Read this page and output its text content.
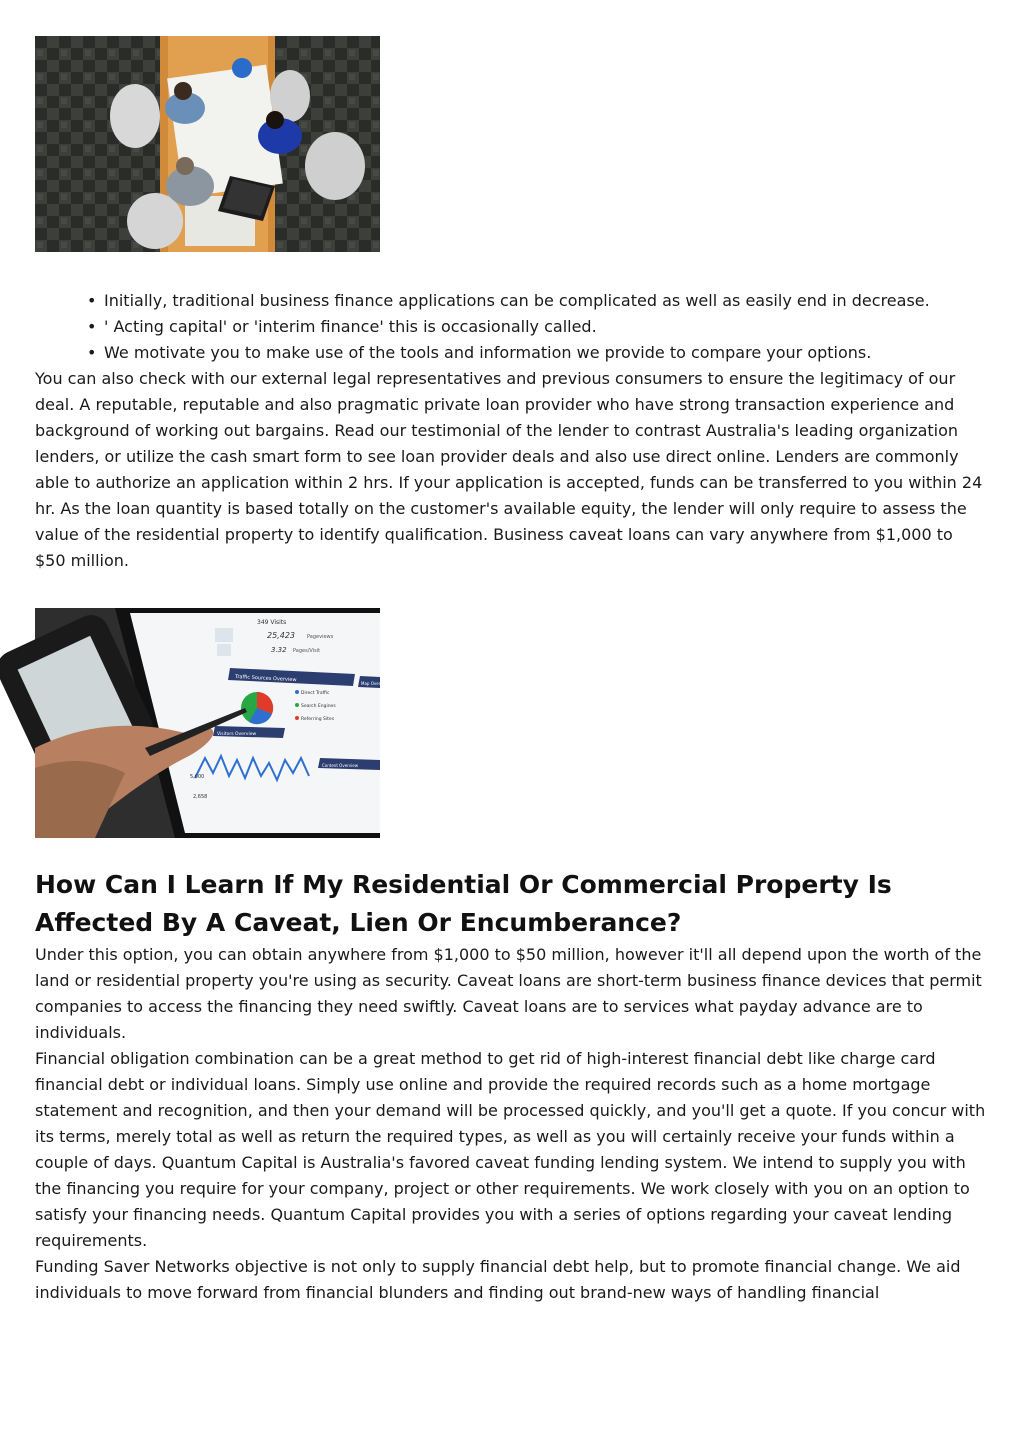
• Initially, traditional business finance applications can be complicated as well as easily end in decrease.
• ' Acting capital' or 'interim finance' this is occasionally called.
• We motivate you to make use of the tools and information we provide to compare your options.

You can also check with our external legal representatives and previous consumers to ensure the legitimacy of our deal. A reputable, reputable and also pragmatic private loan provider who have strong transaction experience and background of working out bargains. Read our testimonial of the lender to contrast Australia's leading organization lenders, or utilize the cash smart form to see loan provider deals and also use direct online. Lenders are commonly able to authorize an application within 2 hrs. If your application is accepted, funds can be transferred to you within 24 hr. As the loan quantity is based totally on the customer's available equity, the lender will only require to assess the value of the residential property to identify qualification. Business caveat loans can vary anywhere from $1,000 to $50 million.

349 Visits
25,423 Pageviews
3.32 Pages/Visit
Traffic Sources Overview
Map Overlay
Direct Traffic
Search Engines
Referring Sites
Visitors Overview
Content Overview
5,000
2,658
How Can I Learn If My Residential Or Commercial Property Is Affected By A Caveat, Lien Or Encumberance?

Under this option, you can obtain anywhere from $1,000 to $50 million, however it'll all depend upon the worth of the land or residential property you're using as security. Caveat loans are short-term business finance devices that permit companies to access the financing they need swiftly. Caveat loans are to services what payday advance are to individuals.

Financial obligation combination can be a great method to get rid of high-interest financial debt like charge card financial debt or individual loans. Simply use online and provide the required records such as a home mortgage statement and recognition, and then your demand will be processed quickly, and you'll get a quote. If you concur with its terms, merely total as well as return the required types, as well as you will certainly receive your funds within a couple of days. Quantum Capital is Australia's favored caveat funding lending system. We intend to supply you with the financing you require for your company, project or other requirements. We work closely with you on an option to satisfy your financing needs. Quantum Capital provides you with a series of options regarding your caveat lending requirements.

Funding Saver Networks objective is not only to supply financial debt help, but to promote financial change. We aid individuals to move forward from financial blunders and finding out brand-new ways of handling financial
